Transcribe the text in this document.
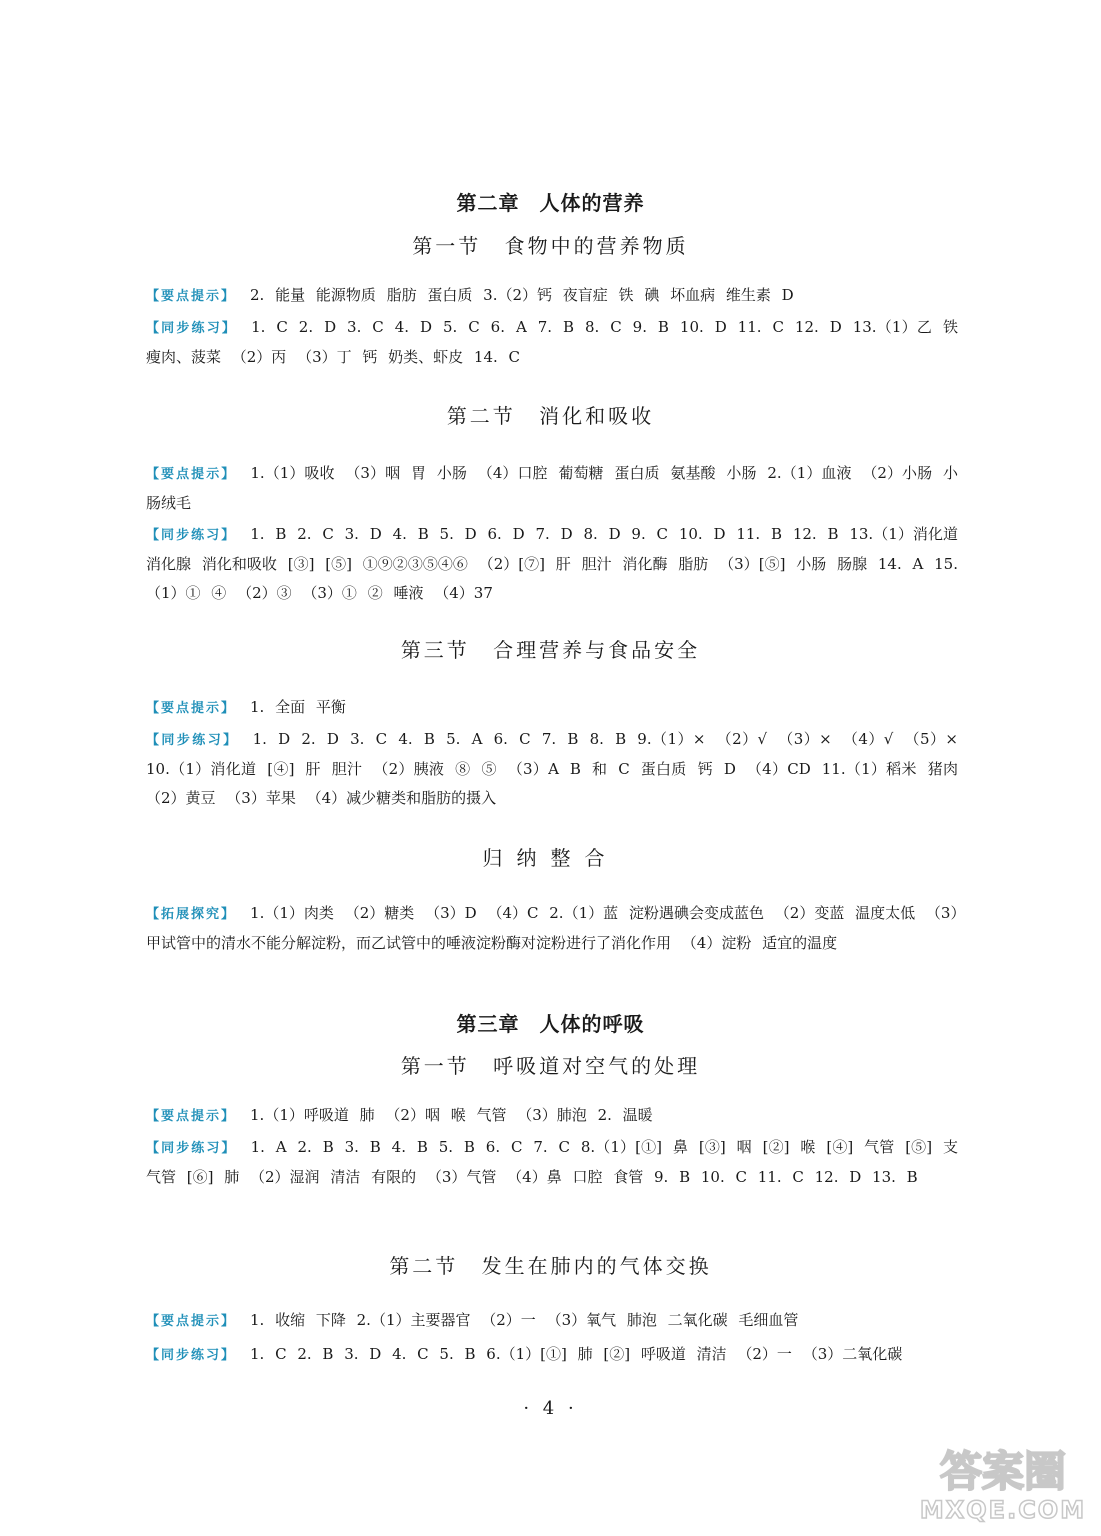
第二章 人体的营养
第一节 食物中的营养物质
【要点提示】 2. 能量 能源物质 脂肪 蛋白质 3.（2）钙 夜盲症 铁 碘 坏血病 维生素 D
【同步练习】 1. C 2. D 3. C 4. D 5. C 6. A 7. B 8. C 9. B 10. D 11. C 12. D 13.（1）乙 铁 瘦肉、菠菜 （2）丙 （3）丁 钙 奶类、虾皮 14. C
第二节 消化和吸收
【要点提示】 1.（1）吸收 （3）咽 胃 小肠 （4）口腔 葡萄糖 蛋白质 氨基酸 小肠 2.（1）血液 （2）小肠 小肠绒毛
【同步练习】 1. B 2. C 3. D 4. B 5. D 6. D 7. D 8. D 9. C 10. D 11. B 12. B 13.（1）消化道 消化腺 消化和吸收 [③] [⑤] ①⑨②③⑤④⑥ （2）[⑦] 肝 胆汁 消化酶 脂肪 （3）[⑤] 小肠 肠腺 14. A 15.（1）① ④ （2）③ （3）① ② 唾液 （4）37
第三节 合理营养与食品安全
【要点提示】 1. 全面 平衡
【同步练习】 1. D 2. D 3. C 4. B 5. A 6. C 7. B 8. B 9.（1）× （2）√ （3）× （4）√ （5）× 10.（1）消化道 [④] 肝 胆汁 （2）胰液 ⑧ ⑤ （3）A B 和 C 蛋白质 钙 D （4）CD 11.（1）稻米 猪肉 （2）黄豆 （3）苹果 （4）减少糖类和脂肪的摄入
归纳整合
【拓展探究】 1.（1）肉类 （2）糖类 （3）D （4）C 2.（1）蓝 淀粉遇碘会变成蓝色 （2）变蓝 温度太低 （3）甲试管中的清水不能分解淀粉，而乙试管中的唾液淀粉酶对淀粉进行了消化作用 （4）淀粉 适宜的温度
第三章 人体的呼吸
第一节 呼吸道对空气的处理
【要点提示】 1.（1）呼吸道 肺 （2）咽 喉 气管 （3）肺泡 2. 温暖
【同步练习】 1. A 2. B 3. B 4. B 5. B 6. C 7. C 8.（1）[①] 鼻 [③] 咽 [②] 喉 [④] 气管 [⑤] 支气管 [⑥] 肺 （2）湿润 清洁 有限的 （3）气管 （4）鼻 口腔 食管 9. B 10. C 11. C 12. D 13. B
第二节 发生在肺内的气体交换
【要点提示】 1. 收缩 下降 2.（1）主要器官 （2）一 （3）氧气 肺泡 二氧化碳 毛细血管
【同步练习】 1. C 2. B 3. D 4. C 5. B 6.（1）[①] 肺 [②] 呼吸道 清洁 （2）一 （3）二氧化碳
· 4 ·
答案圈
MXQE.COM
